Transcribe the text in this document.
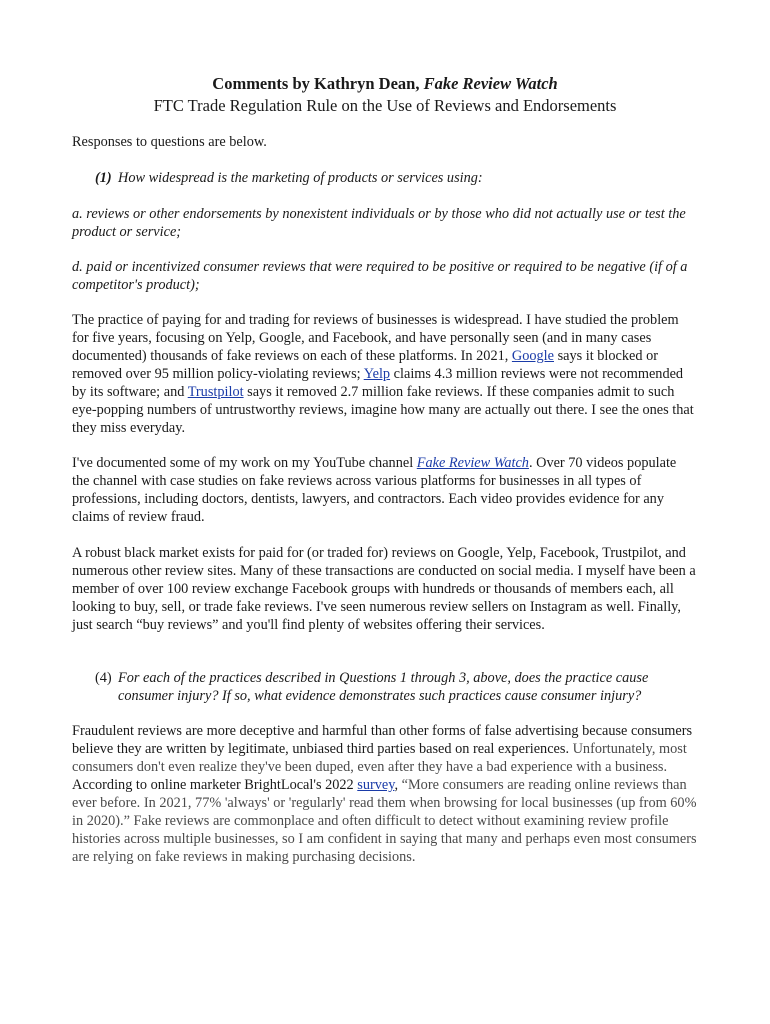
Comments by Kathryn Dean, Fake Review Watch
FTC Trade Regulation Rule on the Use of Reviews and Endorsements
Responses to questions are below.
(1) How widespread is the marketing of products or services using:
a. reviews or other endorsements by nonexistent individuals or by those who did not actually use or test the product or service;
d. paid or incentivized consumer reviews that were required to be positive or required to be negative (if of a competitor's product);
The practice of paying for and trading for reviews of businesses is widespread. I have studied the problem for five years, focusing on Yelp, Google, and Facebook, and have personally seen (and in many cases documented) thousands of fake reviews on each of these platforms. In 2021, Google says it blocked or removed over 95 million policy-violating reviews; Yelp claims 4.3 million reviews were not recommended by its software; and Trustpilot says it removed 2.7 million fake reviews. If these companies admit to such eye-popping numbers of untrustworthy reviews, imagine how many are actually out there. I see the ones that they miss everyday.
I've documented some of my work on my YouTube channel Fake Review Watch. Over 70 videos populate the channel with case studies on fake reviews across various platforms for businesses in all types of professions, including doctors, dentists, lawyers, and contractors. Each video provides evidence for any claims of review fraud.
A robust black market exists for paid for (or traded for) reviews on Google, Yelp, Facebook, Trustpilot, and numerous other review sites. Many of these transactions are conducted on social media. I myself have been a member of over 100 review exchange Facebook groups with hundreds or thousands of members each, all looking to buy, sell, or trade fake reviews. I've seen numerous review sellers on Instagram as well. Finally, just search “buy reviews” and you'll find plenty of websites offering their services.
(4) For each of the practices described in Questions 1 through 3, above, does the practice cause consumer injury? If so, what evidence demonstrates such practices cause consumer injury?
Fraudulent reviews are more deceptive and harmful than other forms of false advertising because consumers believe they are written by legitimate, unbiased third parties based on real experiences. Unfortunately, most consumers don't even realize they've been duped, even after they have a bad experience with a business. According to online marketer BrightLocal's 2022 survey, “More consumers are reading online reviews than ever before. In 2021, 77% 'always' or 'regularly' read them when browsing for local businesses (up from 60% in 2020).” Fake reviews are commonplace and often difficult to detect without examining review profile histories across multiple businesses, so I am confident in saying that many and perhaps even most consumers are relying on fake reviews in making purchasing decisions.
